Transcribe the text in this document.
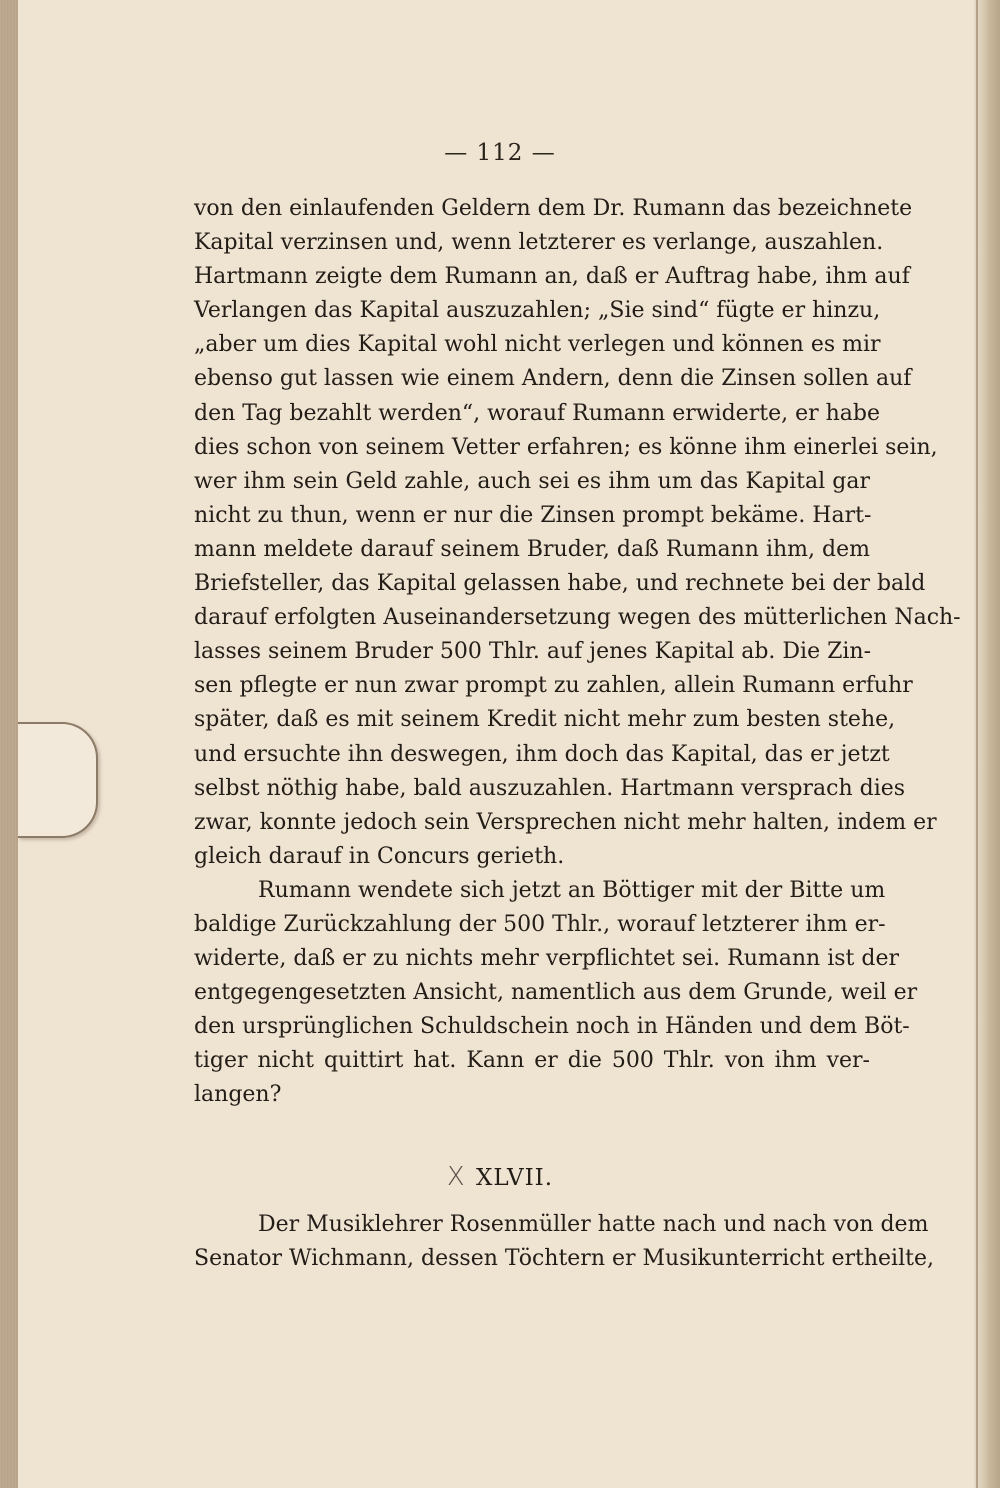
— 112 —
von den einlaufenden Geldern dem Dr. Rumann das bezeichnete
Kapital verzinsen und, wenn letzterer es verlange, auszahlen.
Hartmann zeigte dem Rumann an, daß er Auftrag habe, ihm auf
Verlangen das Kapital auszuzahlen; „Sie sind“ fügte er hinzu,
„aber um dies Kapital wohl nicht verlegen und können es mir
ebenso gut lassen wie einem Andern, denn die Zinsen sollen auf
den Tag bezahlt werden“, worauf Rumann erwiderte, er habe
dies schon von seinem Vetter erfahren; es könne ihm einerlei sein,
wer ihm sein Geld zahle, auch sei es ihm um das Kapital gar
nicht zu thun, wenn er nur die Zinsen prompt bekäme. Hart-
mann meldete darauf seinem Bruder, daß Rumann ihm, dem
Briefsteller, das Kapital gelassen habe, und rechnete bei der bald
darauf erfolgten Auseinandersetzung wegen des mütterlichen Nach-
lasses seinem Bruder 500 Thlr. auf jenes Kapital ab. Die Zin-
sen pflegte er nun zwar prompt zu zahlen, allein Rumann erfuhr
später, daß es mit seinem Kredit nicht mehr zum besten stehe,
und ersuchte ihn deswegen, ihm doch das Kapital, das er jetzt
selbst nöthig habe, bald auszuzahlen. Hartmann versprach dies
zwar, konnte jedoch sein Versprechen nicht mehr halten, indem er
gleich darauf in Concurs gerieth.
Rumann wendete sich jetzt an Böttiger mit der Bitte um
baldige Zurückzahlung der 500 Thlr., worauf letzterer ihm er-
widerte, daß er zu nichts mehr verpflichtet sei. Rumann ist der
entgegengesetzten Ansicht, namentlich aus dem Grunde, weil er
den ursprünglichen Schuldschein noch in Händen und dem Böt-
tiger nicht quittirt hat. Kann er die 500 Thlr. von ihm ver-
langen?
X XLVII.
Der Musiklehrer Rosenmüller hatte nach und nach von dem
Senator Wichmann, dessen Töchtern er Musikunterricht ertheilte,
